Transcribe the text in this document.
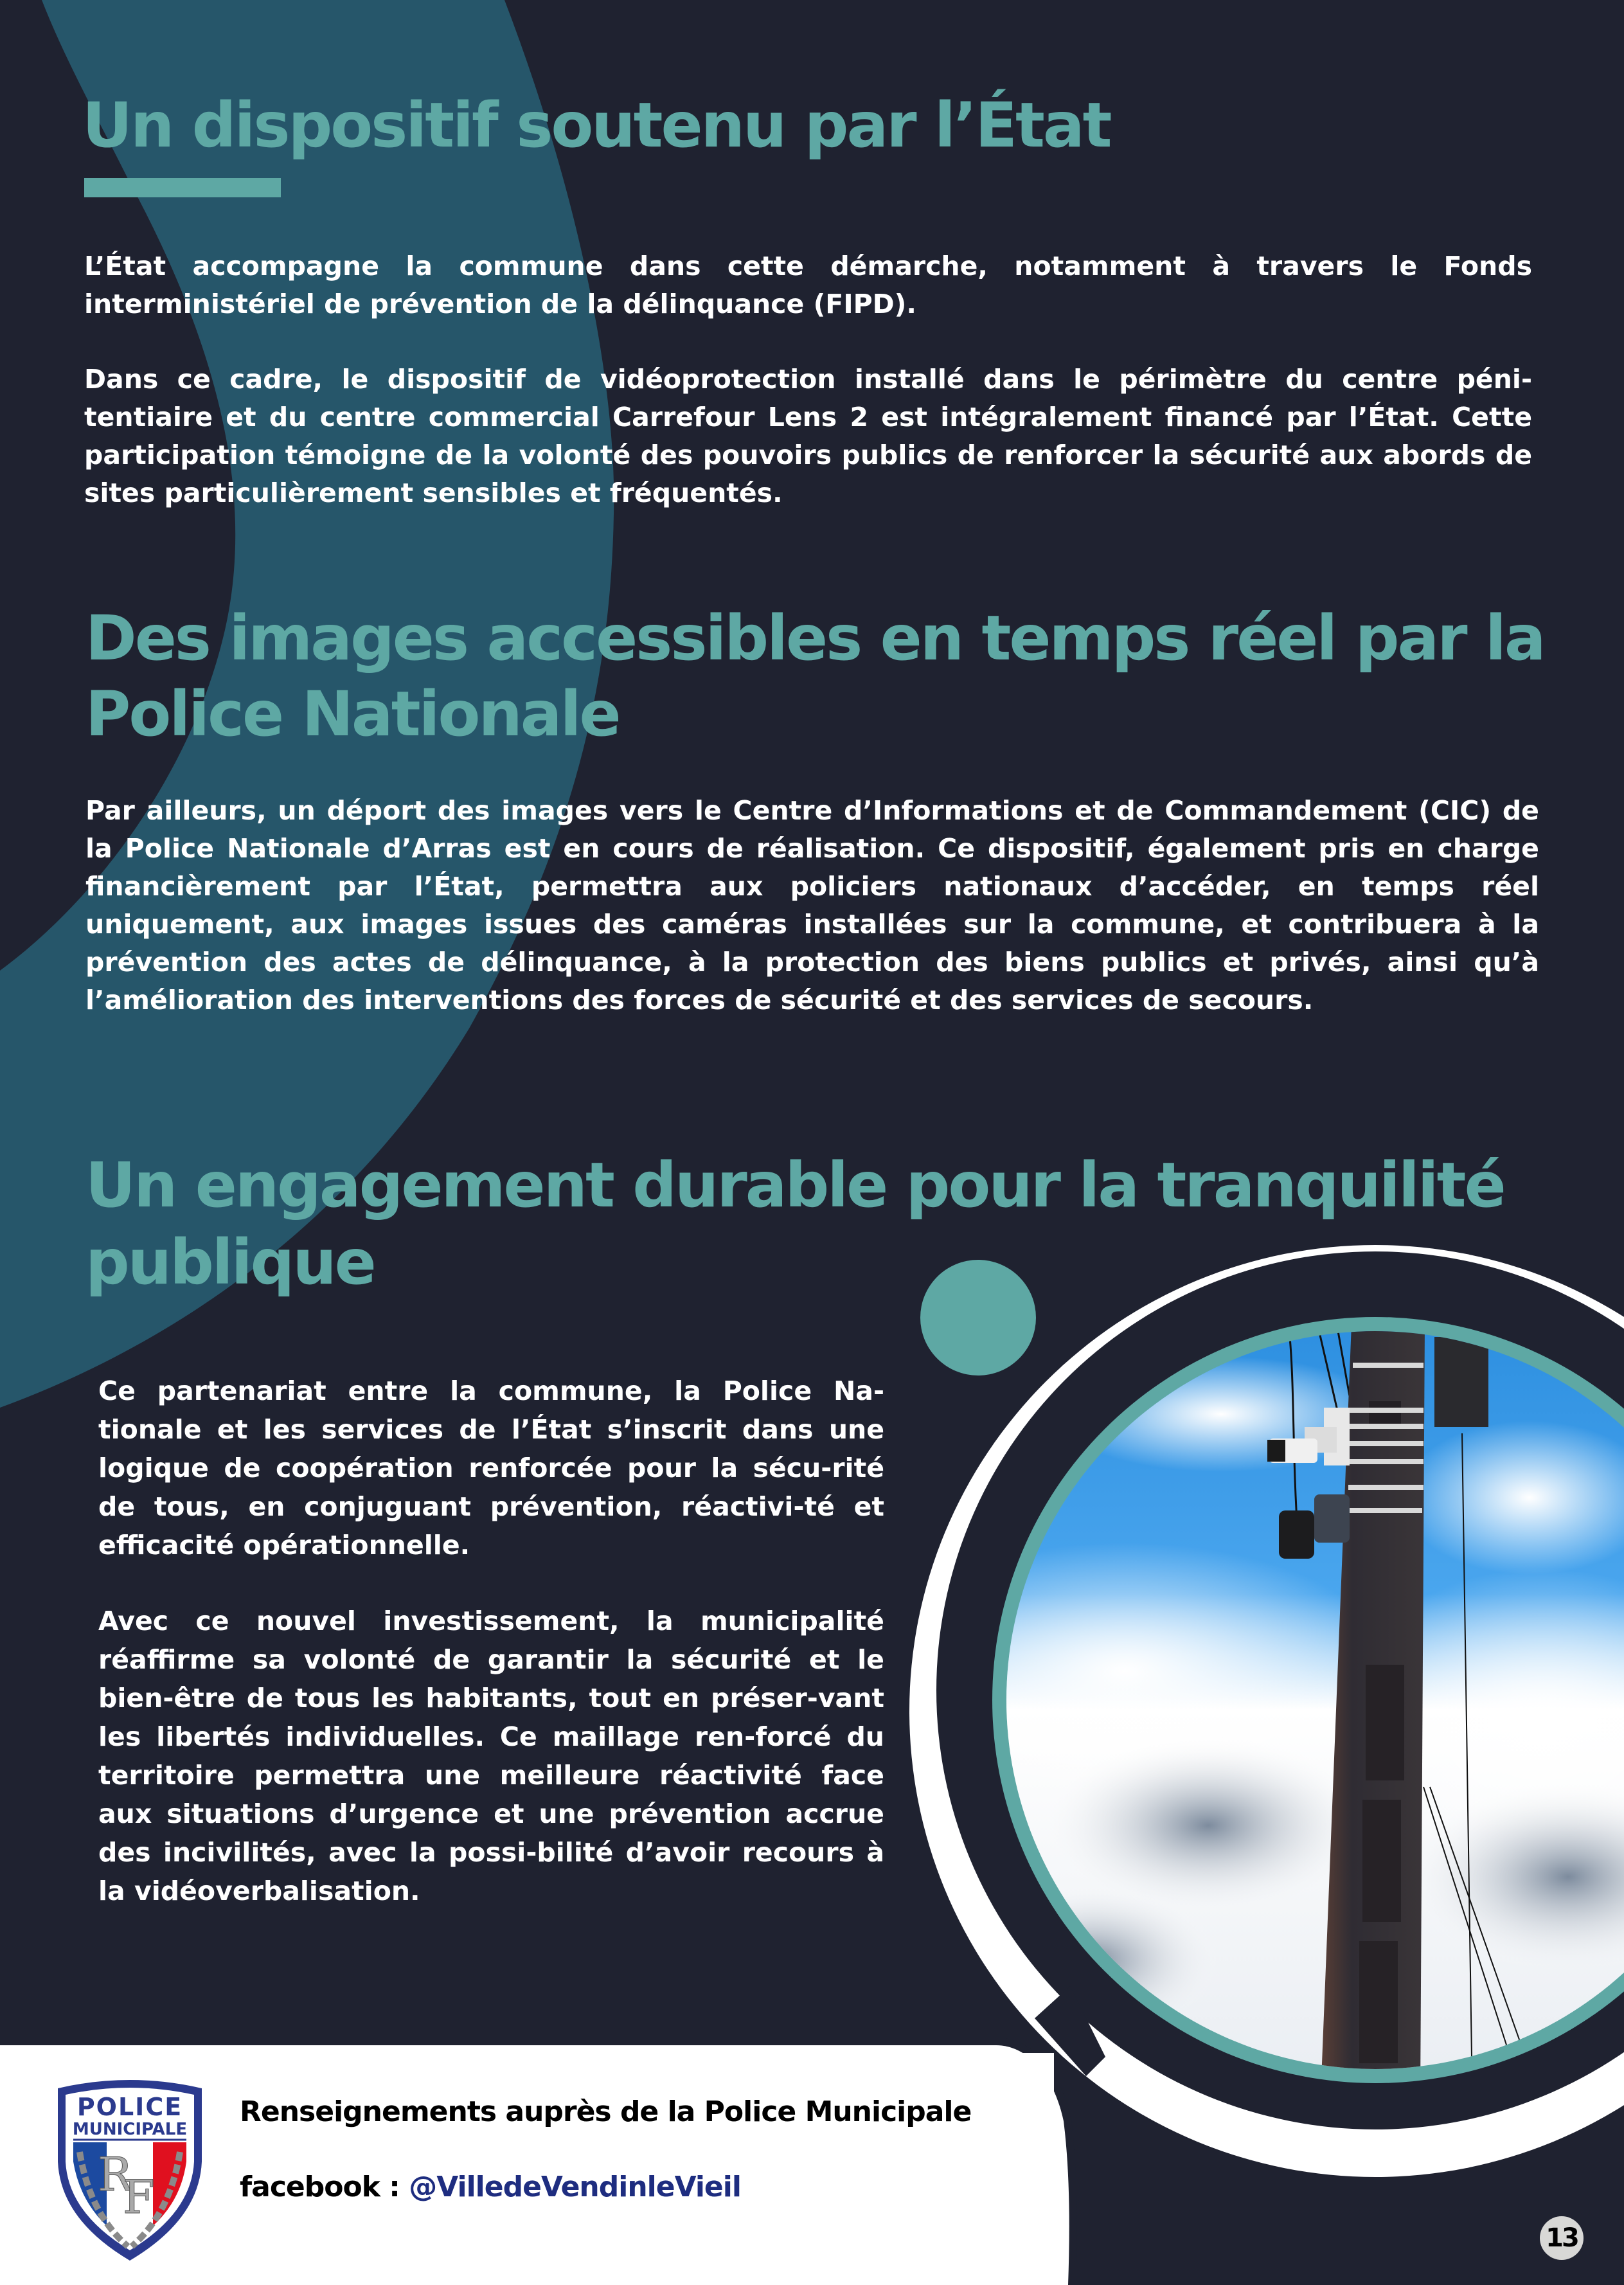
Un dispositif soutenu par l’État

L’État accompagne la commune dans cette démarche, notamment à travers le Fonds interministériel de prévention de la délinquance (FIPD).

Dans ce cadre, le dispositif de vidéoprotection installé dans le périmètre du centre péni-tentiaire et du centre commercial Carrefour Lens 2 est intégralement financé par l’État. Cette participation témoigne de la volonté des pouvoirs publics de renforcer la sécurité aux abords de sites particulièrement sensibles et fréquentés.

Des images accessibles en temps réel par la
Police Nationale

Par ailleurs, un déport des images vers le Centre d’Informations et de Commandement (CIC) de la Police Nationale d’Arras est en cours de réalisation. Ce dispositif, également pris en charge financièrement par l’État, permettra aux policiers nationaux d’accéder, en temps réel uniquement, aux images issues des caméras installées sur la commune, et contribuera à la prévention des actes de délinquance, à la protection des biens publics et privés, ainsi qu’à l’amélioration des interventions des forces de sécurité et des services de secours.

Un engagement durable pour la tranquilité
publique

Ce partenariat entre la commune, la Police Na-tionale et les services de l’État s’inscrit dans une logique de coopération renforcée pour la sécu-rité de tous, en conjuguant prévention, réactivi-té et efficacité opérationnelle.

Avec ce nouvel investissement, la municipalité réaffirme sa volonté de garantir la sécurité et le bien-être de tous les habitants, tout en préser-vant les libertés individuelles. Ce maillage ren-forcé du territoire permettra une meilleure réactivité face aux situations d’urgence et une prévention accrue des incivilités, avec la possi-bilité d’avoir recours à la vidéoverbalisation.

POLICE
MUNICIPALE
R
F
Renseignements auprès de la Police Municipale
facebook : @VilledeVendinleVieil
13
